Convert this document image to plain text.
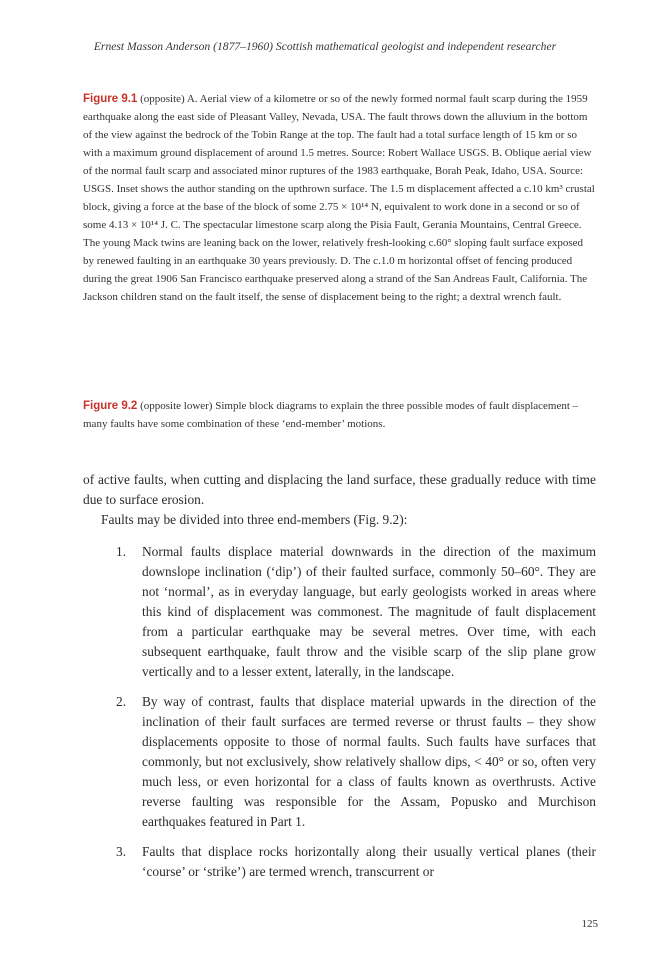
Ernest Masson Anderson (1877–1960) Scottish mathematical geologist and independent researcher
Figure 9.1 (opposite) A. Aerial view of a kilometre or so of the newly formed normal fault scarp during the 1959 earthquake along the east side of Pleasant Valley, Nevada, USA. The fault throws down the alluvium in the bottom of the view against the bedrock of the Tobin Range at the top. The fault had a total surface length of 15 km or so with a maximum ground displacement of around 1.5 metres. Source: Robert Wallace USGS. B. Oblique aerial view of the normal fault scarp and associated minor ruptures of the 1983 earthquake, Borah Peak, Idaho, USA. Source: USGS. Inset shows the author standing on the upthrown surface. The 1.5 m displacement affected a c.10 km³ crustal block, giving a force at the base of the block of some 2.75 × 10¹⁴ N, equivalent to work done in a second or so of some 4.13 × 10¹⁴ J. C. The spectacular limestone scarp along the Pisia Fault, Gerania Mountains, Central Greece. The young Mack twins are leaning back on the lower, relatively fresh-looking c.60° sloping fault surface exposed by renewed faulting in an earthquake 30 years previously. D. The c.1.0 m horizontal offset of fencing produced during the great 1906 San Francisco earthquake preserved along a strand of the San Andreas Fault, California. The Jackson children stand on the fault itself, the sense of displacement being to the right; a dextral wrench fault.
Figure 9.2 (opposite lower) Simple block diagrams to explain the three possible modes of fault displacement – many faults have some combination of these ‘end-member’ motions.

of active faults, when cutting and displacing the land surface, these gradually reduce with time due to surface erosion.

Faults may be divided into three end-members (Fig. 9.2):

1. Normal faults displace material downwards in the direction of the maximum downslope inclination (‘dip’) of their faulted surface, commonly 50–60°. They are not ‘normal’, as in everyday language, but early geologists worked in areas where this kind of displacement was commonest. The magnitude of fault displacement from a particular earthquake may be several metres. Over time, with each subsequent earthquake, fault throw and the visible scarp of the slip plane grow vertically and to a lesser extent, laterally, in the landscape.
2. By way of contrast, faults that displace material upwards in the direction of the inclination of their fault surfaces are termed reverse or thrust faults – they show displacements opposite to those of normal faults. Such faults have surfaces that commonly, but not exclusively, show relatively shallow dips, < 40° or so, often very much less, or even horizontal for a class of faults known as overthrusts. Active reverse faulting was responsible for the Assam, Popusko and Murchison earthquakes featured in Part 1.
3. Faults that displace rocks horizontally along their usually vertical planes (their ‘course’ or ‘strike’) are termed wrench, transcurrent or
125
